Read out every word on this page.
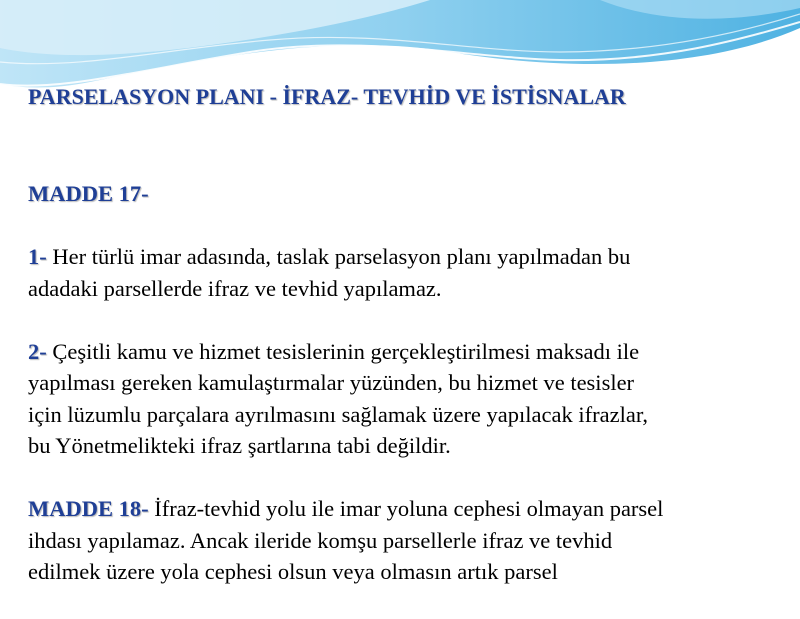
PARSELASYON PLANI - İFRAZ- TEVHİD VE İSTİSNALAR

MADDE 17-

1- Her türlü imar adasında, taslak parselasyon planı yapılmadan bu
adadaki parsellerde ifraz ve tevhid yapılamaz.

2- Çeşitli kamu ve hizmet tesislerinin gerçekleştirilmesi maksadı ile
yapılması gereken kamulaştırmalar yüzünden, bu hizmet ve tesisler
için lüzumlu parçalara ayrılmasını sağlamak üzere yapılacak ifrazlar,
bu Yönetmelikteki ifraz şartlarına tabi değildir.

MADDE 18- İfraz-tevhid yolu ile imar yoluna cephesi olmayan parsel
ihdası yapılamaz. Ancak ileride komşu parsellerle ifraz ve tevhid
edilmek üzere yola cephesi olsun veya olmasın artık parsel
